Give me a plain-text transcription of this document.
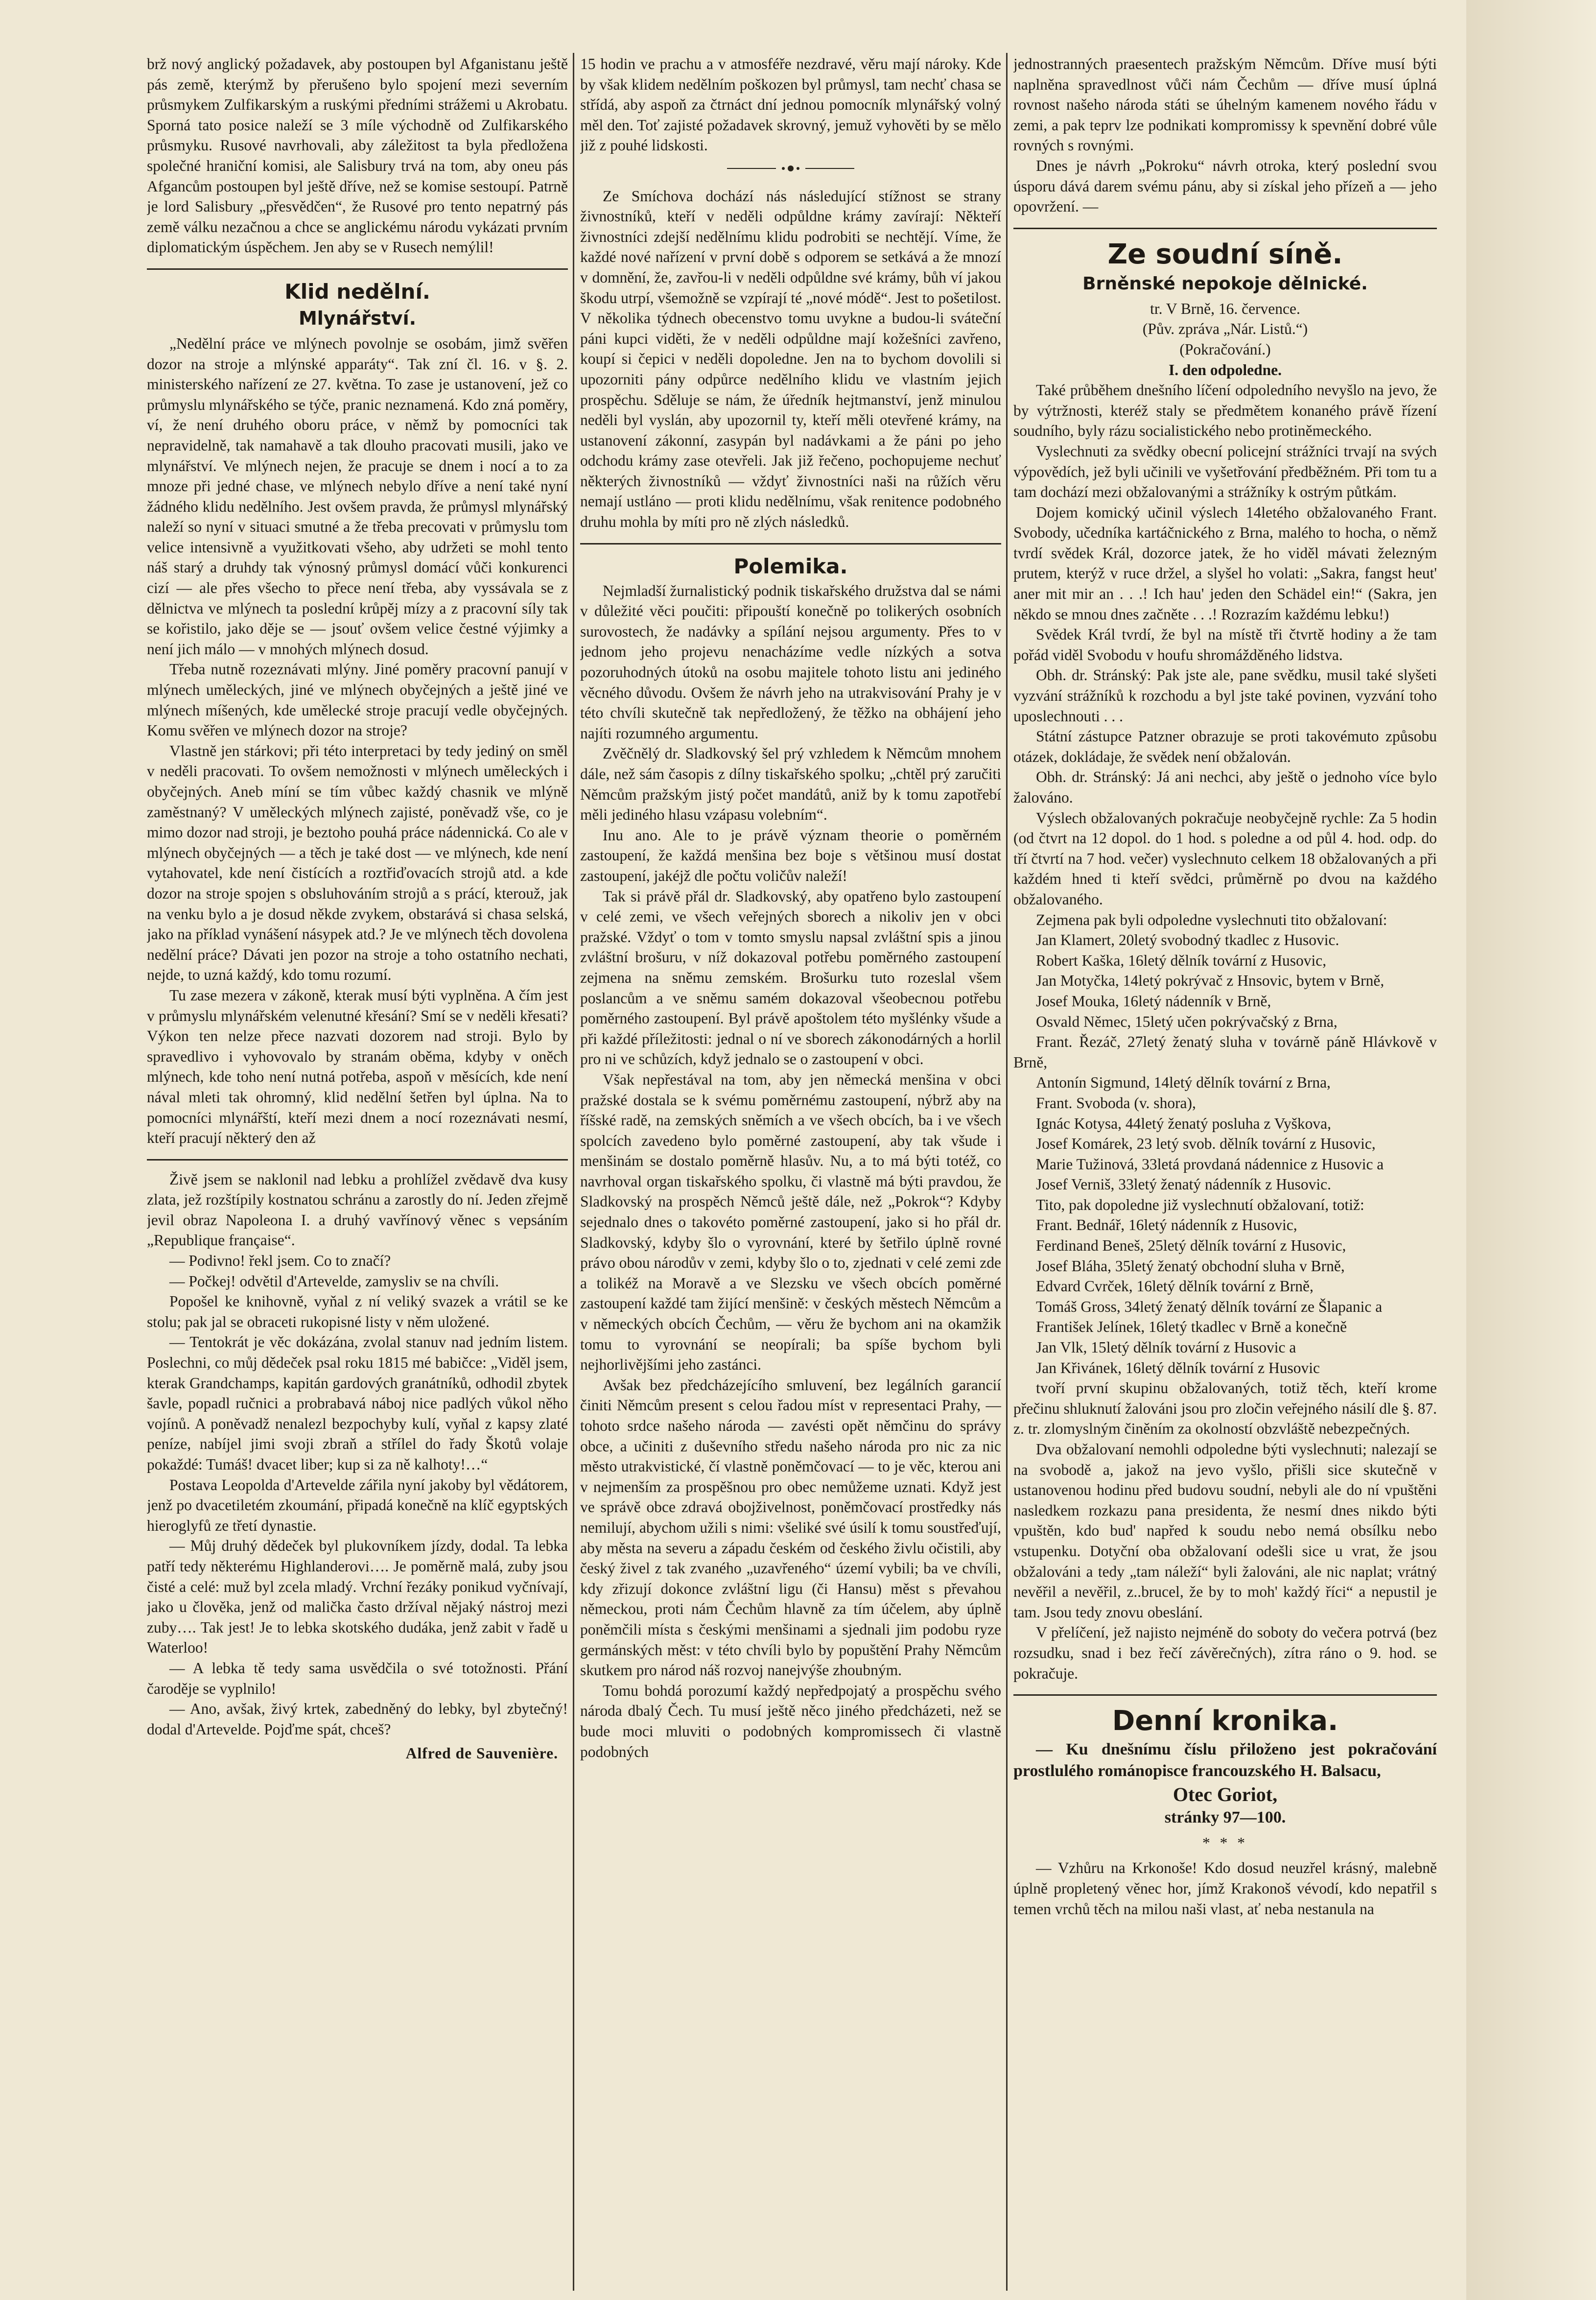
brž nový anglický požadavek, aby postoupen byl Afganistanu ještě pás země, kterýmž by přerušeno bylo spojení mezi severním průsmykem Zulfikarským a ruskými předními strážemi u Akrobatu. Sporná tato posice naleží se 3 míle východně od Zulfikarského průsmyku. Rusové navrhovali, aby záležitost ta byla předložena společné hraniční komisi, ale Salisbury trvá na tom, aby oneu pás Afgancům postoupen byl ještě dříve, než se komise sestoupí. Patrně je lord Salisbury „přesvědčen“, že Rusové pro tento nepatrný pás země válku nezačnou a chce se anglickému národu vykázati prvním diplomatickým úspěchem. Jen aby se v Rusech nemýlil!

Klid nedělní.
Mlynářství.

„Nedělní práce ve mlýnech povolnje se osobám, jimž svěřen dozor na stroje a mlýnské apparáty“. Tak zní čl. 16. v §. 2. ministerského nařízení ze 27. května. To zase je ustanovení, jež co průmyslu mlynářského se týče, pranic neznamená. Kdo zná poměry, ví, že není druhého oboru práce, v němž by pomocníci tak nepravidelně, tak namahavě a tak dlouho pracovati musili, jako ve mlynářství. Ve mlýnech nejen, že pracuje se dnem i nocí a to za mnoze při jedné chase, ve mlýnech nebylo dříve a není také nyní žádného klidu nedělního. Jest ovšem pravda, že průmysl mlynářský naleží so nyní v situaci smutné a že třeba precovati v průmyslu tom velice intensivně a využitkovati všeho, aby udržeti se mohl tento náš starý a druhdy tak výnosný průmysl domácí vůči konkurenci cizí — ale přes všecho to přece není třeba, aby vyssávala se z dělnictva ve mlýnech ta poslední krůpěj mízy a z pracovní síly tak se kořistilo, jako děje se — jsouť ovšem velice čestné výjimky a není jich málo — v mnohých mlýnech dosud.

Třeba nutně rozeznávati mlýny. Jiné poměry pracovní panují v mlýnech uměleckých, jiné ve mlýnech obyčejných a ještě jiné ve mlýnech míšených, kde umělecké stroje pracují vedle obyčejných. Komu svěřen ve mlýnech dozor na stroje?

Vlastně jen stárkovi; při této interpretaci by tedy jediný on směl v neděli pracovati. To ovšem nemožnosti v mlýnech uměleckých i obyčejných. Aneb míní se tím vůbec každý chasnik ve mlýně zaměstnaný? V uměleckých mlýnech zajisté, poněvadž vše, co je mimo dozor nad stroji, je beztoho pouhá práce nádennická. Co ale v mlýnech obyčejných — a těch je také dost — ve mlýnech, kde není vytahovatel, kde není čistících a roztřiďovacích strojů atd. a kde dozor na stroje spojen s obsluhováním strojů a s prácí, kterouž, jak na venku bylo a je dosud někde zvykem, obstarává si chasa selská, jako na příklad vynášení násypek atd.? Je ve mlýnech těch dovolena nedělní práce? Dávati jen pozor na stroje a toho ostatního nechati, nejde, to uzná každý, kdo tomu rozumí.

Tu zase mezera v zákoně, kterak musí býti vyplněna. A čím jest v průmyslu mlynářském velenutné křesání? Smí se v neděli křesati? Výkon ten nelze přece nazvati dozorem nad stroji. Bylo by spravedlivo i vyhovovalo by stranám oběma, kdyby v oněch mlýnech, kde toho není nutná potřeba, aspoň v měsících, kde není nával mleti tak ohromný, klid nedělní šetřen byl úplna. Na to pomocníci mlynářští, kteří mezi dnem a nocí rozeznávati nesmí, kteří pracují některý den až

Živě jsem se naklonil nad lebku a prohlížel zvědavě dva kusy zlata, jež rozštípily kostnatou schránu a zarostly do ní. Jeden zřejmě jevil obraz Napoleona I. a druhý vavřínový věnec s vepsáním „Republique française“.

— Podivno! řekl jsem. Co to značí?

— Počkej! odvětil d'Artevelde, zamysliv se na chvíli.

Popošel ke knihovně, vyňal z ní veliký svazek a vrátil se ke stolu; pak jal se obraceti rukopisné listy v něm uložené.

— Tentokrát je věc dokázána, zvolal stanuv nad jedním listem. Poslechni, co můj dědeček psal roku 1815 mé babičce: „Viděl jsem, kterak Grandchamps, kapitán gardových granátníků, odhodil zbytek šavle, popadl ručnici a probrabavá náboj nice padlých vůkol něho vojínů. A poněvadž nenalezl bezpochyby kulí, vyňal z kapsy zlaté peníze, nabíjel jimi svoji zbraň a střílel do řady Škotů volaje pokaždé: Tumáš! dvacet liber; kup si za ně kalhoty!…“

Postava Leopolda d'Artevelde zářila nyní jakoby byl vědátorem, jenž po dvacetiletém zkoumání, připadá konečně na klíč egyptských hieroglyfů ze třetí dynastie.

— Můj druhý dědeček byl plukovníkem jízdy, dodal. Ta lebka patří tedy některému Highlanderovi…. Je poměrně malá, zuby jsou čisté a celé: muž byl zcela mladý. Vrchní řezáky ponikud vyčnívají, jako u člověka, jenž od malička často držíval nějaký nástroj mezi zuby…. Tak jest! Je to lebka skotského dudáka, jenž zabit v řadě u Waterloo!

— A lebka tě tedy sama usvědčila o své totožnosti. Přání čaroděje se vyplnilo!

— Ano, avšak, živý krtek, zabedněný do lebky, byl zbytečný! dodal d'Artevelde. Pojďme spát, chceš?

Alfred de Sauvenière.

15 hodin ve prachu a v atmosféře nezdravé, věru mají nároky. Kde by však klidem nedělním poškozen byl průmysl, tam nechť chasa se střídá, aby aspoň za čtrnáct dní jednou pomocník mlynářský volný měl den. Toť zajisté požadavek skrovný, jemuž vyhověti by se mělo již z pouhé lidskosti.

Ze Smíchova dochází nás následující stížnost se strany živnostníků, kteří v neděli odpůldne krámy zavírají: Někteří živnostníci zdejší nedělnímu klidu podrobiti se nechtějí. Víme, že každé nové nařízení v první době s odporem se setkává a že mnozí v domnění, že, zavřou-li v neděli odpůldne své krámy, bůh ví jakou škodu utrpí, všemožně se vzpírají té „nové módě“. Jest to pošetilost. V několika týdnech obecenstvo tomu uvykne a budou-li sváteční páni kupci viděti, že v neděli odpůldne mají kožešníci zavřeno, koupí si čepici v neděli dopoledne. Jen na to bychom dovolili si upozorniti pány odpůrce nedělního klidu ve vlastním jejich prospěchu. Sděluje se nám, že úředník hejtmanství, jenž minulou neděli byl vyslán, aby upozornil ty, kteří měli otevřené krámy, na ustanovení zákonní, zasypán byl nadávkami a že páni po jeho odchodu krámy zase otevřeli. Jak již řečeno, pochopujeme nechuť některých živnostníků — vždyť živnostníci naši na růžích věru nemají ustláno — proti klidu nedělnímu, však renitence podobného druhu mohla by míti pro ně zlých následků.

Polemika.

Nejmladší žurnalistický podnik tiskařského družstva dal se námi v důležité věci poučiti: připouští konečně po tolikerých osobních surovostech, že nadávky a spílání nejsou argumenty. Přes to v jednom jeho projevu nenacházíme vedle nízkých a sotva pozoruhodných útoků na osobu majitele tohoto listu ani jediného věcného důvodu. Ovšem že návrh jeho na utrakvisování Prahy je v této chvíli skutečně tak nepředložený, že těžko na obhájení jeho najíti rozumného argumentu.

Zvěčnělý dr. Sladkovský šel prý vzhledem k Němcům mnohem dále, než sám časopis z dílny tiskařského spolku; „chtěl prý zaručiti Němcům pražským jistý počet mandátů, aniž by k tomu zapotřebí měli jediného hlasu vzápasu volebním“.

Inu ano. Ale to je právě význam theorie o poměrném zastoupení, že každá menšina bez boje s většinou musí dostat zastoupení, jakéjž dle počtu voličův naleží!

Tak si právě přál dr. Sladkovský, aby opatřeno bylo zastoupení v celé zemi, ve všech veřejných sborech a nikoliv jen v obci pražské. Vždyť o tom v tomto smyslu napsal zvláštní spis a jinou zvláštní brošuru, v níž dokazoval potřebu poměrného zastoupení zejmena na sněmu zemském. Brošurku tuto rozeslal všem poslancům a ve sněmu samém dokazoval všeobecnou potřebu poměrného zastoupení. Byl právě apoštolem této myšlénky všude a při každé příležitosti: jednal o ní ve sborech zákonodárných a horlil pro ni ve schůzích, když jednalo se o zastoupení v obci.

Však nepřestával na tom, aby jen německá menšina v obci pražské dostala se k svému poměrnému zastoupení, nýbrž aby na říšské radě, na zemských sněmích a ve všech obcích, ba i ve všech spolcích zavedeno bylo poměrné zastoupení, aby tak všude i menšinám se dostalo poměrně hlasův. Nu, a to má býti totéž, co navrhoval organ tiskařského spolku, či vlastně má býti pravdou, že Sladkovský na prospěch Němců ještě dále, než „Pokrok“? Kdyby sejednalo dnes o takovéto poměrné zastoupení, jako si ho přál dr. Sladkovský, kdyby šlo o vyrovnání, které by šetřilo úplně rovné právo obou národův v zemi, kdyby šlo o to, zjednati v celé zemi zde a tolikéž na Moravě a ve Slezsku ve všech obcích poměrné zastoupení každé tam žijící menšině: v českých městech Němcům a v německých obcích Čechům, — věru že bychom ani na okamžik tomu to vyrovnání se neopírali; ba spíše bychom byli nejhorlivějšími jeho zastánci.

Avšak bez předcházejícího smluvení, bez legálních garancií činiti Němcům present s celou řadou míst v representaci Prahy, — tohoto srdce našeho národa — zavésti opět němčinu do správy obce, a učiniti z duševního středu našeho národa pro nic za nic město utrakvistické, čí vlastně poněmčovací — to je věc, kterou ani v nejmenším za prospěšnou pro obec nemůžeme uznati. Když jest ve správě obce zdravá obojživelnost, poněmčovací prostředky nás nemilují, abychom užili s nimi: všeliké své úsilí k tomu soustřeďují, aby města na severu a západu českém od českého živlu očistili, aby český živel z tak zvaného „uzavřeného“ území vybili; ba ve chvíli, kdy zřizují dokonce zvláštní ligu (či Hansu) měst s převahou německou, proti nám Čechům hlavně za tím účelem, aby úplně poněmčili místa s českými menšinami a sjednali jim podobu ryze germánských měst: v této chvíli bylo by popuštění Prahy Němcům skutkem pro národ náš rozvoj nanejvýše zhoubným.

Tomu bohdá porozumí každý nepředpojatý a prospěchu svého národa dbalý Čech. Tu musí ještě něco jiného předcházeti, než se bude moci mluviti o podobných kompromissech či vlastně podobných

jednostranných praesentech pražským Němcům. Dříve musí býti naplněna spravedlnost vůči nám Čechům — dříve musí úplná rovnost našeho národa státi se úhelným kamenem nového řádu v zemi, a pak teprv lze podnikati kompromissy k spevnění dobré vůle rovných s rovnými.

Dnes je návrh „Pokroku“ návrh otroka, který poslední svou úsporu dává darem svému pánu, aby si získal jeho přízeň a — jeho opovržení. —

Ze soudní síně.
Brněnské nepokoje dělnické.

tr. V Brně, 16. července.

(Pův. zpráva „Nár. Listů.“)

(Pokračování.)

I. den odpoledne.

Také průběhem dnešního líčení odpoledního nevyšlo na jevo, že by výtržnosti, kteréž staly se předmětem konaného právě řízení soudního, byly rázu socialistického nebo protiněmeckého.

Vyslechnuti za svědky obecní policejní strážníci trvají na svých výpovědích, jež byli učinili ve vyšetřování předběžném. Při tom tu a tam dochází mezi obžalovanými a strážníky k ostrým půtkám.

Dojem komický učinil výslech 14letého obžalovaného Frant. Svobody, učedníka kartáčnického z Brna, malého to hocha, o němž tvrdí svědek Král, dozorce jatek, že ho viděl mávati železným prutem, kterýž v ruce držel, a slyšel ho volati: „Sakra, fangst heut' aner mit mir an . . .! Ich hau' jeden den Schädel ein!“ (Sakra, jen někdo se mnou dnes začněte . . .! Rozrazím každému lebku!)

Svědek Král tvrdí, že byl na místě tři čtvrtě hodiny a že tam pořád viděl Svobodu v houfu shromážděného lidstva.

Obh. dr. Stránský: Pak jste ale, pane svědku, musil také slyšeti vyzvání strážníků k rozchodu a byl jste také povinen, vyzvání toho uposlechnouti . . .

Státní zástupce Patzner obrazuje se proti takovémuto způsobu otázek, dokládaje, že svědek není obžalován.

Obh. dr. Stránský: Já ani nechci, aby ještě o jednoho více bylo žalováno.

Výslech obžalovaných pokračuje neobyčejně rychle: Za 5 hodin (od čtvrt na 12 dopol. do 1 hod. s poledne a od půl 4. hod. odp. do tří čtvrtí na 7 hod. večer) vyslechnuto celkem 18 obžalovaných a při každém hned ti kteří svědci, průměrně po dvou na každého obžalovaného.

Zejmena pak byli odpoledne vyslechnuti tito obžalovaní:

Jan Klamert, 20letý svobodný tkadlec z Husovic.

Robert Kaška, 16letý dělník tovární z Husovic,

Jan Motyčka, 14letý pokrývač z Hnsovic, bytem v Brně,

Josef Mouka, 16letý nádenník v Brně,

Osvald Němec, 15letý učen pokrývačský z Brna,

Frant. Řezáč, 27letý ženatý sluha v továrně páně Hlávkově v Brně,

Antonín Sigmund, 14letý dělník tovární z Brna,

Frant. Svoboda (v. shora),

Ignác Kotysa, 44letý ženatý posluha z Vyškova,

Josef Komárek, 23 letý svob. dělník tovární z Husovic,

Marie Tužinová, 33letá provdaná nádennice z Husovic a

Josef Verniš, 33letý ženatý nádenník z Husovic.

Tito, pak dopoledne již vyslechnutí obžalovaní, totiž:

Frant. Bednář, 16letý nádenník z Husovic,

Ferdinand Beneš, 25letý dělník tovární z Husovic,

Josef Bláha, 35letý ženatý obchodní sluha v Brně,

Edvard Cvrček, 16letý dělník tovární z Brně,

Tomáš Gross, 34letý ženatý dělník tovární ze Šlapanic a

František Jelínek, 16letý tkadlec v Brně a konečně

Jan Vlk, 15letý dělník tovární z Husovic a

Jan Křivánek, 16letý dělník tovární z Husovic

tvoří první skupinu obžalovaných, totiž těch, kteří krome přečinu shluknutí žalováni jsou pro zločin veřejného násilí dle §. 87. z. tr. zlomyslným činěním za okolností obzvláště nebezpečných.

Dva obžalovaní nemohli odpoledne býti vyslechnuti; nalezají se na svobodě a, jakož na jevo vyšlo, přišli sice skutečně v ustanovenou hodinu před budovu soudní, nebyli ale do ní vpuštěni nasledkem rozkazu pana presidenta, že nesmí dnes nikdo býti vpuštěn, kdo bud' napřed k soudu nebo nemá obsílku nebo vstupenku. Dotyční oba obžalovaní odešli sice u vrat, že jsou obžalováni a tedy „tam náleží“ byli žalováni, ale nic naplat; vrátný nevěřil a nevěřil, z..brucel, že by to moh' každý říci“ a nepustil je tam. Jsou tedy znovu obeslání.

V přelíčení, jež najisto nejméně do soboty do večera potrvá (bez rozsudku, snad i bez řečí závěrečných), zítra ráno o 9. hod. se pokračuje.

Denní kronika.

— Ku dnešnímu číslu přiloženo jest pokračování prostlulého románopisce francouzského H. Balsacu,

Otec Goriot,

stránky 97—100.

* * *

— Vzhůru na Krkonoše! Kdo dosud neuzřel krásný, malebně úplně propletený věnec hor, jímž Krakonoš vévodí, kdo nepatřil s temen vrchů těch na milou naši vlast, ať neba nestanula na
